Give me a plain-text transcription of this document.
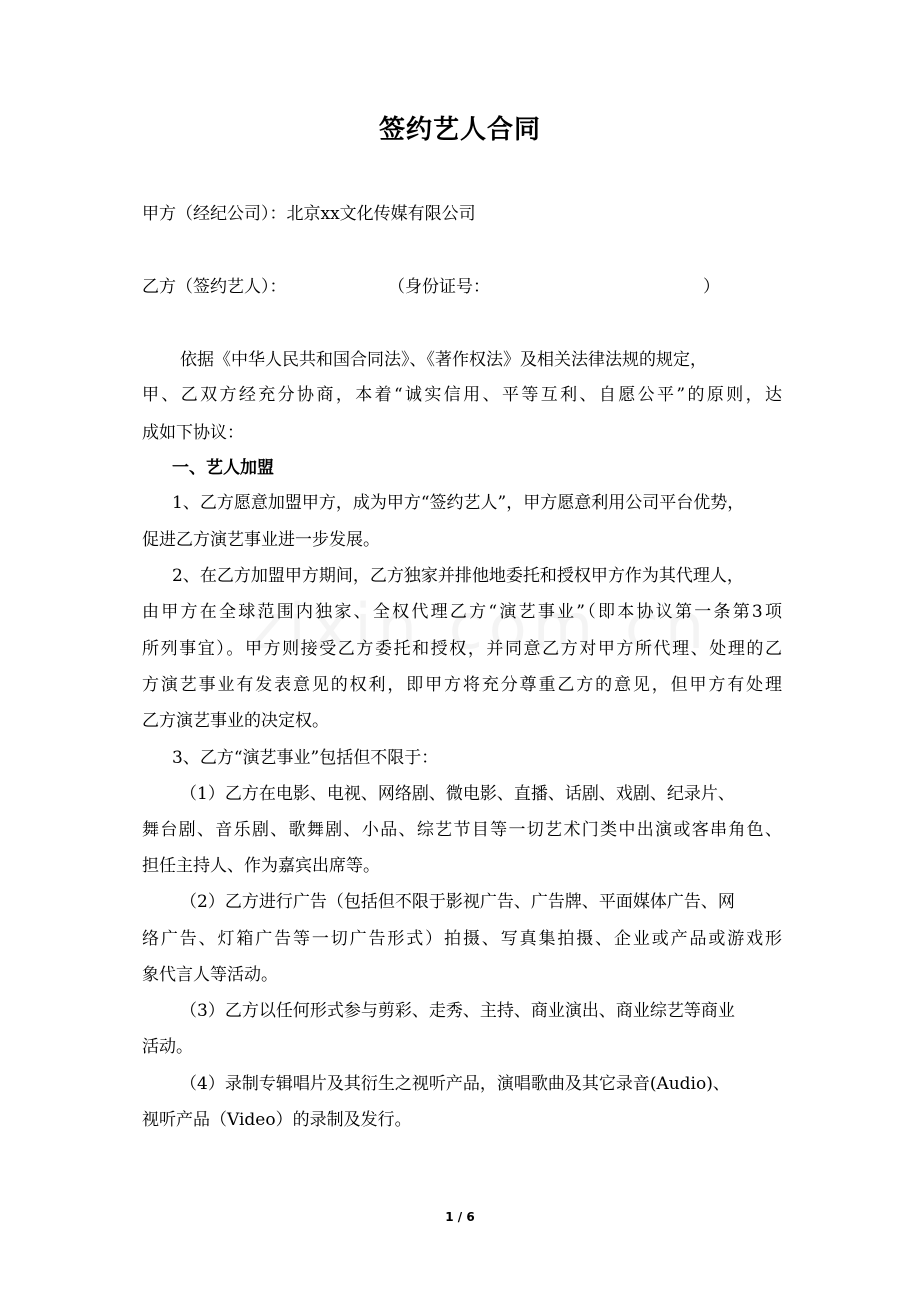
签约艺人合同
甲方（经纪公司）：北京xx文化传媒有限公司
乙方（签约艺人）：	（身份证号：	）
依据《中华人民共和国合同法》、《著作权法》及相关法律法规的规定，
甲、乙双方经充分协商，本着“诚实信用、平等互利、自愿公平”的原则，达
成如下协议：
一、艺人加盟
1、乙方愿意加盟甲方，成为甲方“签约艺人”，甲方愿意利用公司平台优势，
促进乙方演艺事业进一步发展。
2、在乙方加盟甲方期间，乙方独家并排他地委托和授权甲方作为其代理人，
由甲方在全球范围内独家、全权代理乙方“演艺事业”（即本协议第一条第3项
所列事宜）。甲方则接受乙方委托和授权，并同意乙方对甲方所代理、处理的乙
方演艺事业有发表意见的权利，即甲方将充分尊重乙方的意见，但甲方有处理
乙方演艺事业的决定权。
3、乙方“演艺事业”包括但不限于：
（1）乙方在电影、电视、网络剧、微电影、直播、话剧、戏剧、纪录片、
舞台剧、音乐剧、歌舞剧、小品、综艺节目等一切艺术门类中出演或客串角色、
担任主持人、作为嘉宾出席等。
（2）乙方进行广告（包括但不限于影视广告、广告牌、平面媒体广告、网
络广告、灯箱广告等一切广告形式）拍摄、写真集拍摄、企业或产品或游戏形
象代言人等活动。
（3）乙方以任何形式参与剪彩、走秀、主持、商业演出、商业综艺等商业
活动。
（4）录制专辑唱片及其衍生之视听产品，演唱歌曲及其它录音(Audio)、
视听产品（Video）的录制及发行。
1 / 6
